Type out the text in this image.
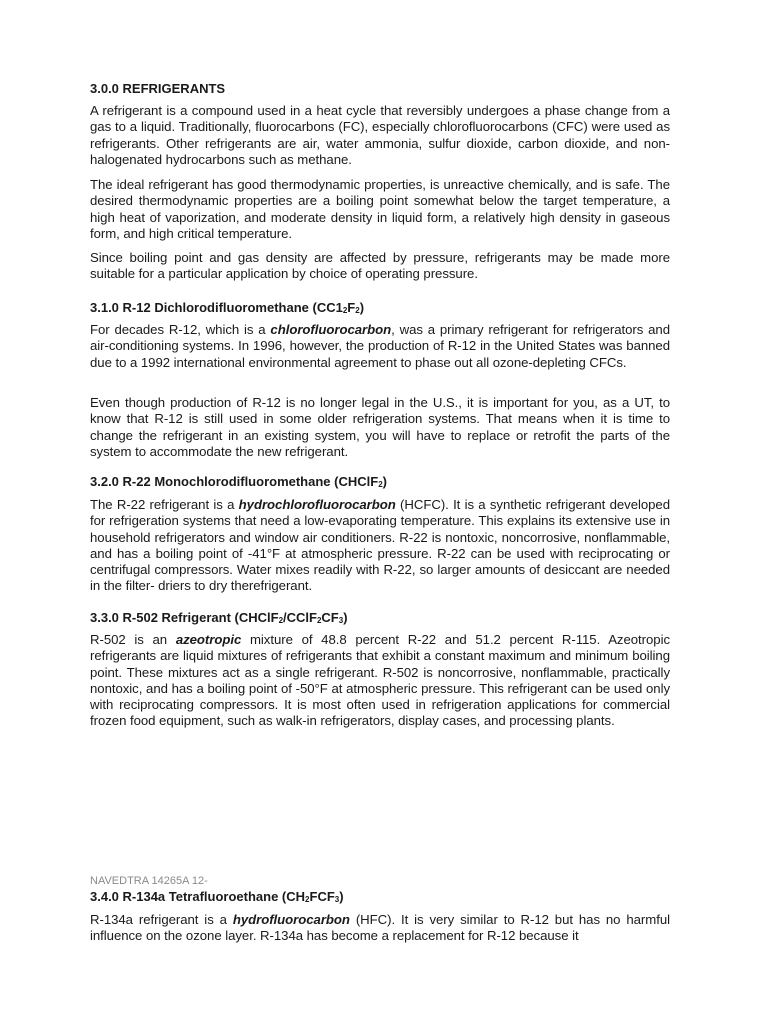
3.0.0 REFRIGERANTS

A refrigerant is a compound used in a heat cycle that reversibly undergoes a phase change from a gas to a liquid. Traditionally, fluorocarbons (FC), especially chlorofluorocarbons (CFC) were used as refrigerants. Other refrigerants are air, water ammonia, sulfur dioxide, carbon dioxide, and non-halogenated hydrocarbons such as methane.

The ideal refrigerant has good thermodynamic properties, is unreactive chemically, and is safe. The desired thermodynamic properties are a boiling point somewhat below the target temperature, a high heat of vaporization, and moderate density in liquid form, a relatively high density in gaseous form, and high critical temperature.

Since boiling point and gas density are affected by pressure, refrigerants may be made more suitable for a particular application by choice of operating pressure.

3.1.0 R-12 Dichlorodifluoromethane $(CC1_2F_2)$

For decades R-12, which is a chlorofluorocarbon, was a primary refrigerant for refrigerators and air-conditioning systems. In 1996, however, the production of R-12 in the United States was banned due to a 1992 international environmental agreement to phase out all ozone-depleting CFCs.

Even though production of R-12 is no longer legal in the U.S., it is important for you, as a UT, to know that R-12 is still used in some older refrigeration systems. That means when it is time to change the refrigerant in an existing system, you will have to replace or retrofit the parts of the system to accommodate the new refrigerant.

3.2.0 R-22 Monochlorodifluoromethane (CHClF$_2$)

The R-22 refrigerant is a hydrochlorofluorocarbon (HCFC). It is a synthetic refrigerant developed for refrigeration systems that need a low-evaporating temperature. This explains its extensive use in household refrigerators and window air conditioners. R-22 is nontoxic, noncorrosive, nonflammable, and has a boiling point of -41°F at atmospheric pressure. R-22 can be used with reciprocating or centrifugal compressors. Water mixes readily with R-22, so larger amounts of desiccant are needed in the filter- driers to dry therefrigerant.

3.3.0 R-502 Refrigerant $(CHClF_2/CClF_2CF_3)$

R-502 is an azeotropic mixture of 48.8 percent R-22 and 51.2 percent R-115. Azeotropic refrigerants are liquid mixtures of refrigerants that exhibit a constant maximum and minimum boiling point. These mixtures act as a single refrigerant. R-502 is noncorrosive, nonflammable, practically nontoxic, and has a boiling point of -50°F at atmospheric pressure. This refrigerant can be used only with reciprocating compressors. It is most often used in refrigeration applications for commercial frozen food equipment, such as walk-in refrigerators, display cases, and processing plants.

NAVEDTRA 14265A 12-

3.4.0 R-134a Tetrafluoroethane $(CH_2FCF_3)$

R-134a refrigerant is a hydrofluorocarbon (HFC). It is very similar to R-12 but has no harmful influence on the ozone layer. R-134a has become a replacement for R-12 because it
